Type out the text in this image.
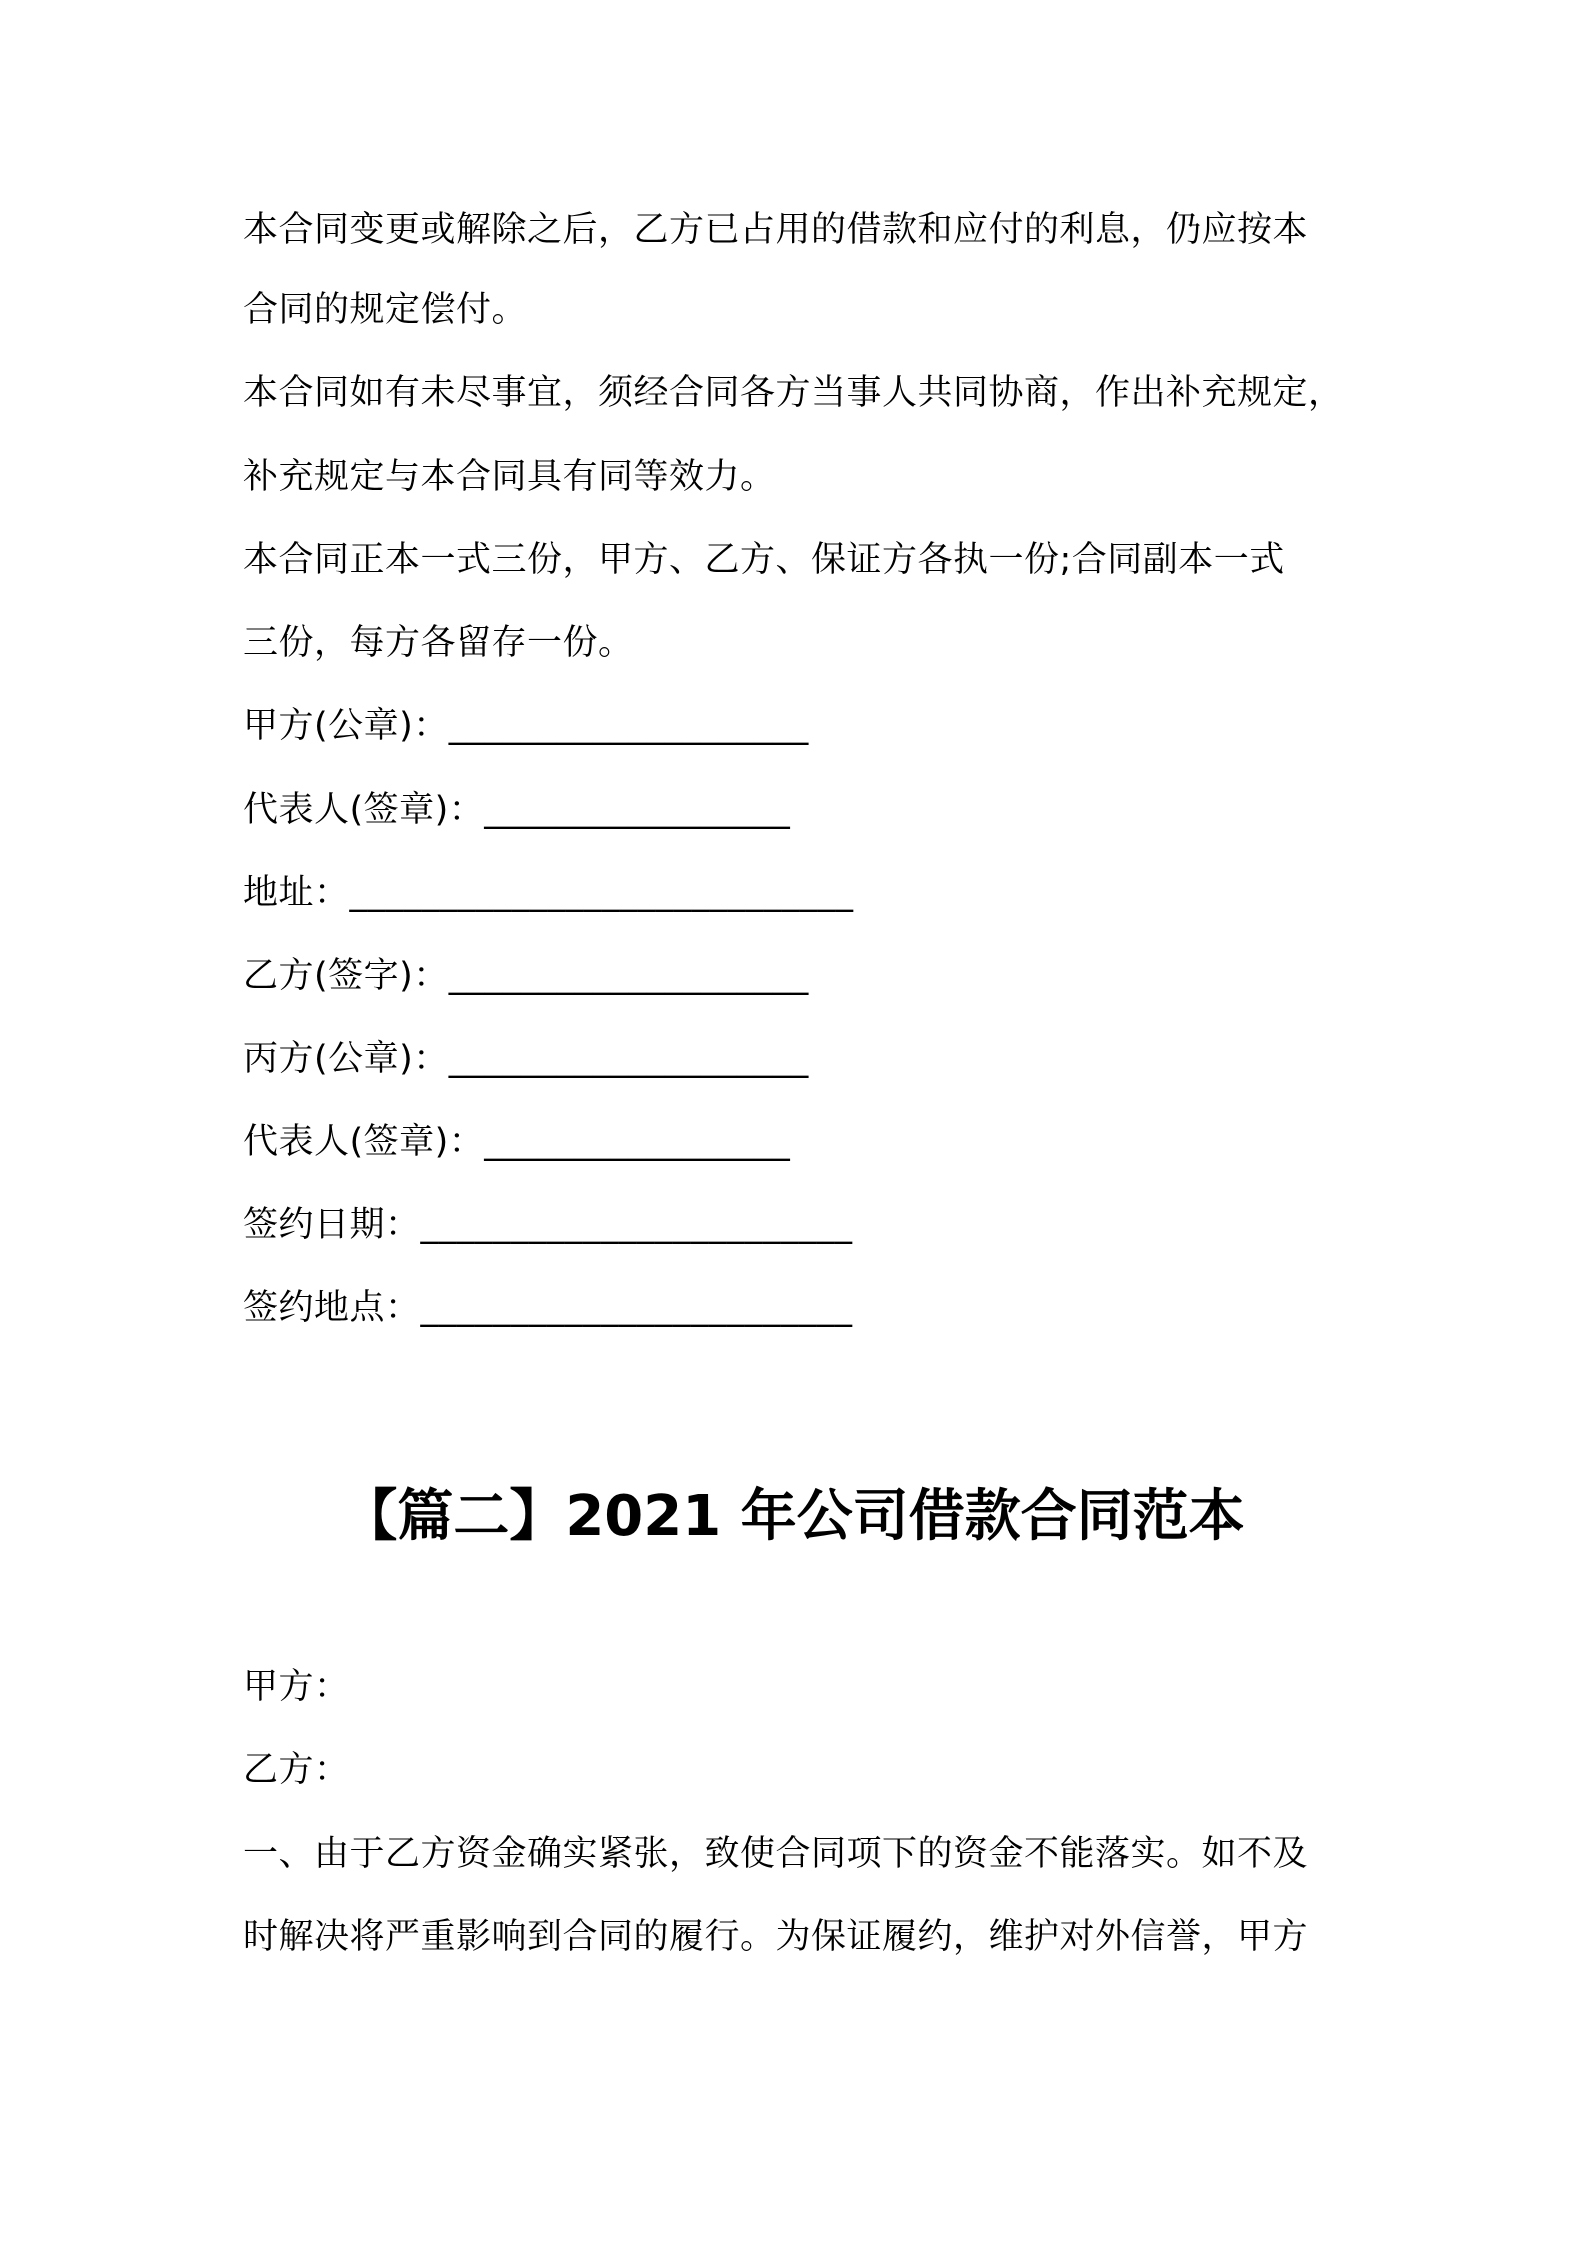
本合同变更或解除之后，乙方已占用的借款和应付的利息，仍应按本
合同的规定偿付。
本合同如有未尽事宜，须经合同各方当事人共同协商，作出补充规定，
补充规定与本合同具有同等效力。
本合同正本一式三份，甲方、乙方、保证方各执一份;合同副本一式
三份，每方各留存一份。
甲方(公章)：____________________
代表人(签章)：_________________
地址：____________________________
乙方(签字)：____________________
丙方(公章)：____________________
代表人(签章)：_________________
签约日期：________________________
签约地点：________________________
【篇二】2021 年公司借款合同范本
甲方：
乙方：
一、由于乙方资金确实紧张，致使合同项下的资金不能落实。如不及
时解决将严重影响到合同的履行。为保证履约，维护对外信誉，甲方
